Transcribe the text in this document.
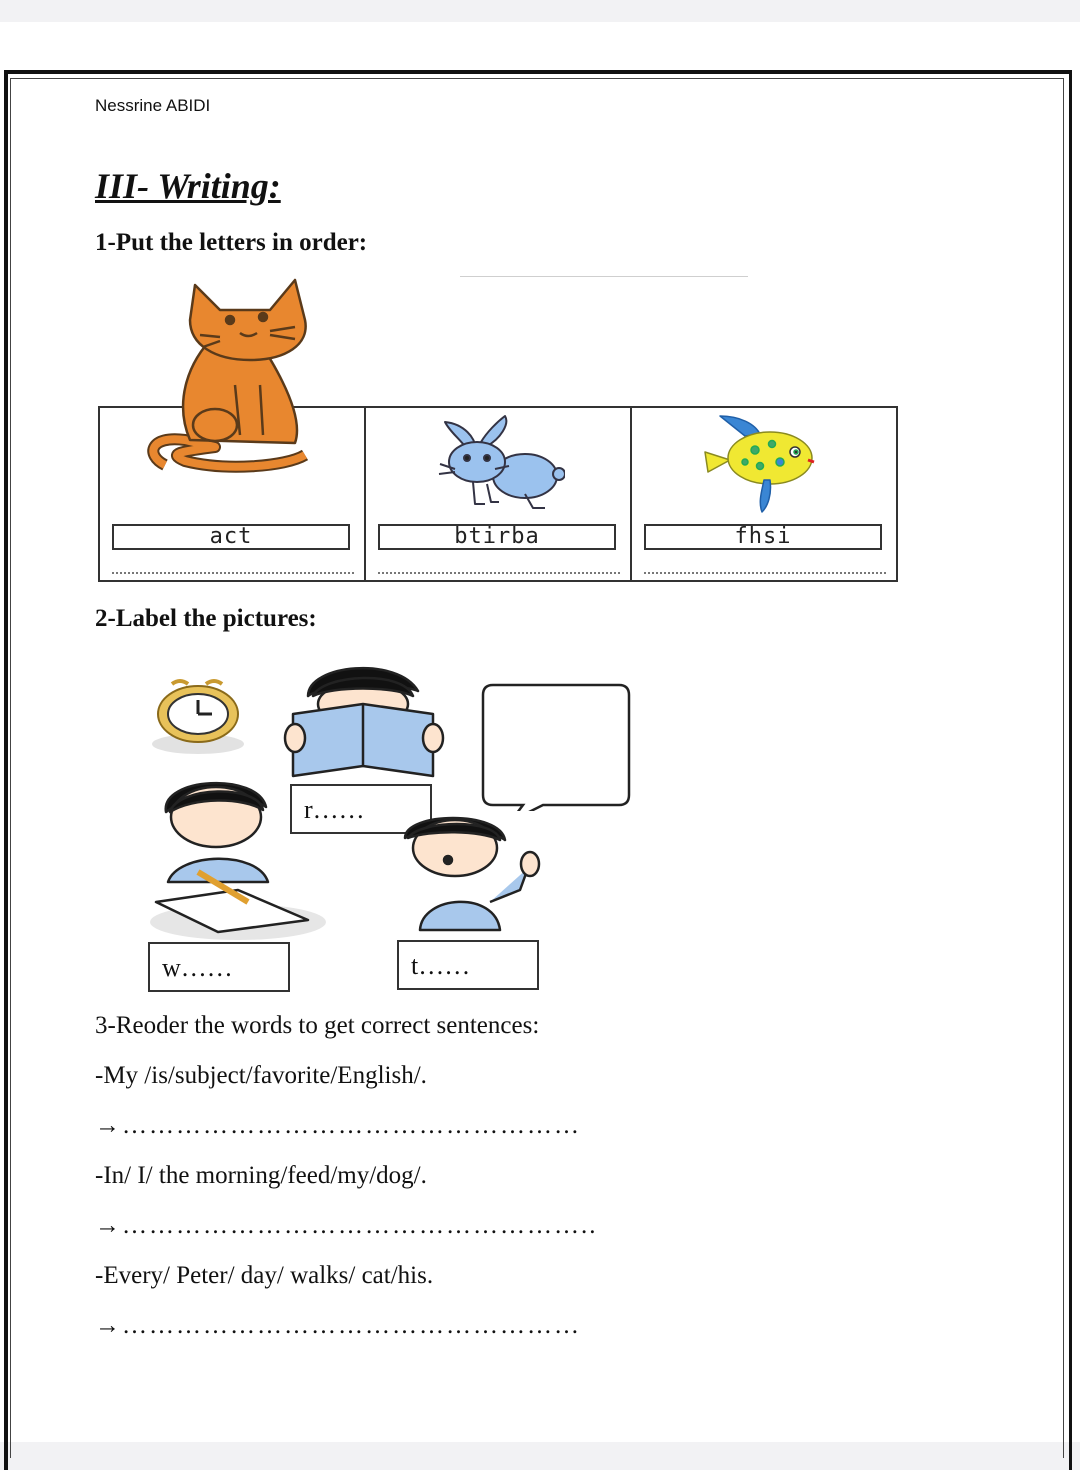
Nessrine ABIDI
III- Writing:
1-Put the letters in order:
act	btirba	fhsi
2-Label the pictures:
r……
w……	t……
3-Reoder the words to get correct sentences:
-My /is/subject/favorite/English/.
→……………………………………………
-In/ I/ the morning/feed/my/dog/.
→……………………………………………..
-Every/ Peter/ day/ walks/ cat/his.
→……………………………………………
